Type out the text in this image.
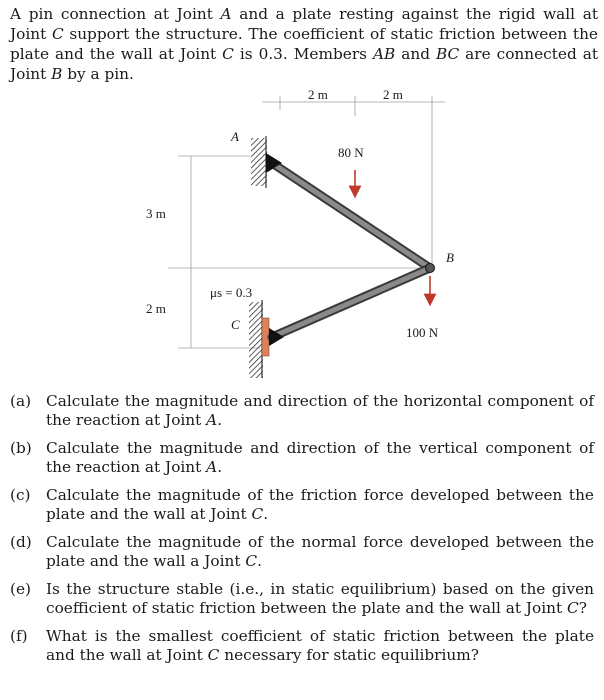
A pin connection at Joint A and a plate resting against the rigid wall at Joint C support the structure. The coefficient of static friction between the plate and the wall at Joint C is 0.3. Members AB and BC are connected at Joint B by a pin.

2 m	2 m
3 m
2 m
A
B
C
μs = 0.3
80 N
100 N
(a) Calculate the magnitude and direction of the horizontal component of the reaction at Joint A.
(b) Calculate the magnitude and direction of the vertical component of the reaction at Joint A.
(c) Calculate the magnitude of the friction force developed between the plate and the wall at Joint C.
(d) Calculate the magnitude of the normal force developed between the plate and the wall a Joint C.
(e) Is the structure stable (i.e., in static equilibrium) based on the given coefficient of static friction between the plate and the wall at Joint C?
(f) What is the smallest coefficient of static friction between the plate and the wall at Joint C necessary for static equilibrium?
